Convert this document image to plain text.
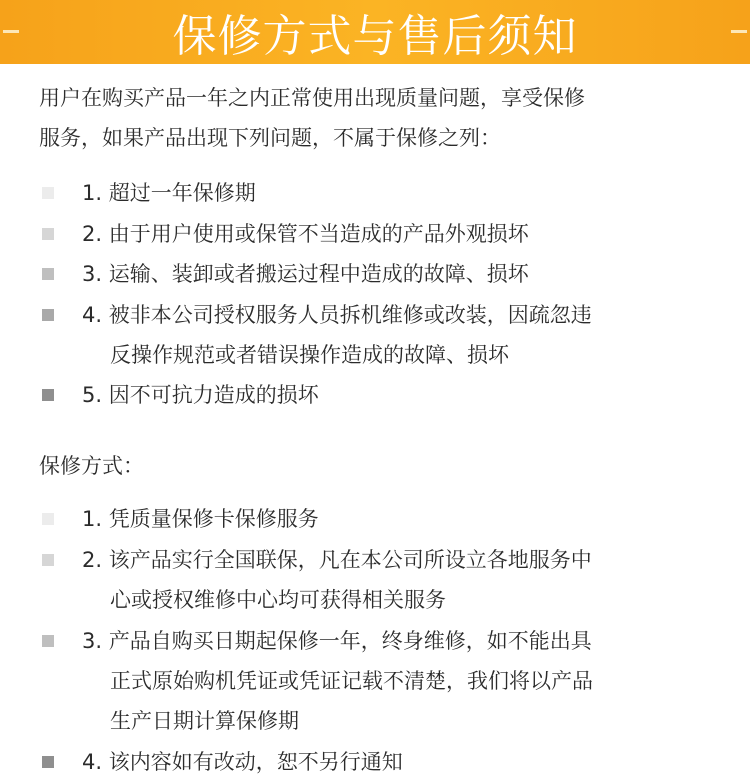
保修方式与售后须知

用户在购买产品一年之内正常使用出现质量问题，享受保修
服务，如果产品出现下列问题，不属于保修之列：

1. 超过一年保修期
2. 由于用户使用或保管不当造成的产品外观损坏
3. 运输、装卸或者搬运过程中造成的故障、损坏
4. 被非本公司授权服务人员拆机维修或改装，因疏忽违
反操作规范或者错误操作造成的故障、损坏
5. 因不可抗力造成的损坏

保修方式：

1. 凭质量保修卡保修服务
2. 该产品实行全国联保，凡在本公司所设立各地服务中
心或授权维修中心均可获得相关服务
3. 产品自购买日期起保修一年，终身维修，如不能出具
正式原始购机凭证或凭证记载不清楚，我们将以产品
生产日期计算保修期
4. 该内容如有改动，恕不另行通知
